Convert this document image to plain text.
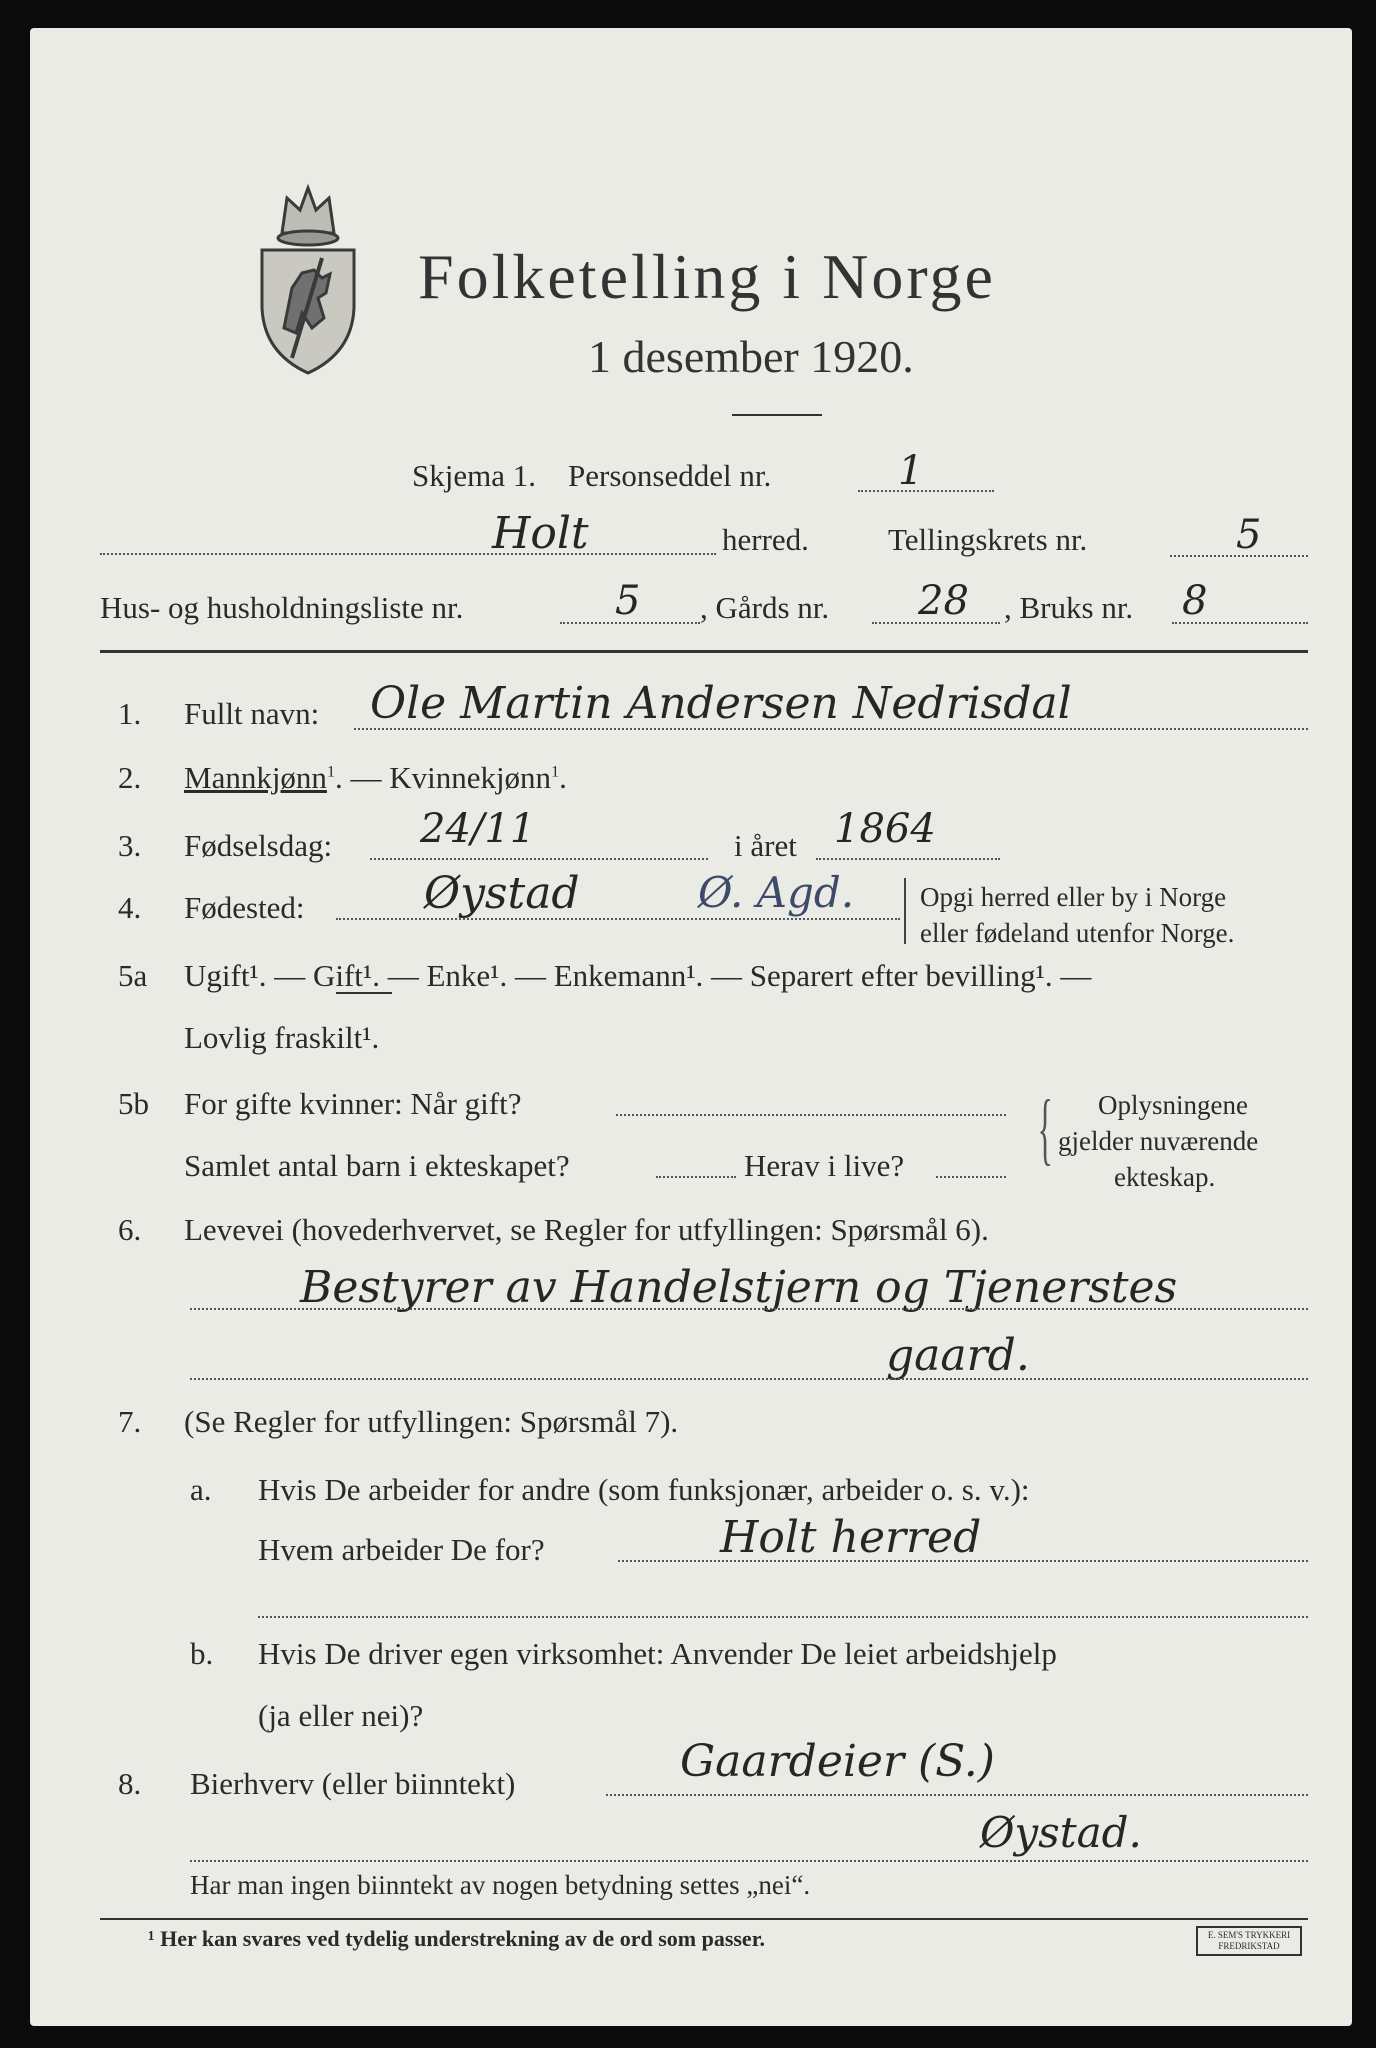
Folketelling i Norge
1 desember 1920.
Skjema 1. Personseddel nr.	1
Holt	herred.	Tellingskrets nr.	5
Hus- og husholdningsliste nr.	5 , Gårds nr. 28 , Bruks nr. 8
1. Fullt navn: Ole Martin Andersen Nedrisdal
2. Mannkjønn$^1$. — Kvinnekjønn$^1$.
3. Fødselsdag: 24/11	i året 1864
4. Fødested:	Øystad	Ø. Agd. Opgi herred eller by i Norge
eller fødeland utenfor Norge.
5a Ugift¹. — Gift¹. — Enke¹. — Enkemann¹. — Separert efter bevilling¹. —
Lovlig fraskilt¹.
5b For gifte kvinner: Når gift?
Samlet antal barn i ekteskapet?	Herav i live? { Oplysningene
gjelder nuværende
ekteskap.
6. Levevei (hovederhvervet, se Regler for utfyllingen: Spørsmål 6).
Bestyrer av Handelstjern og Tjenerstes
gaard.
7. (Se Regler for utfyllingen: Spørsmål 7).
a. Hvis De arbeider for andre (som funksjonær, arbeider o. s. v.):
Hvem arbeider De for?	Holt herred
b. Hvis De driver egen virksomhet: Anvender De leiet arbeidshjelp
(ja eller nei)?
8. Bierhverv (eller biinntekt)	Gaardeier (S.)
Øystad.
Har man ingen biinntekt av nogen betydning settes „nei“.
¹ Her kan svares ved tydelig understrekning av de ord som passer.	E. SEM'S TRYKKERI FREDRIKSTAD
